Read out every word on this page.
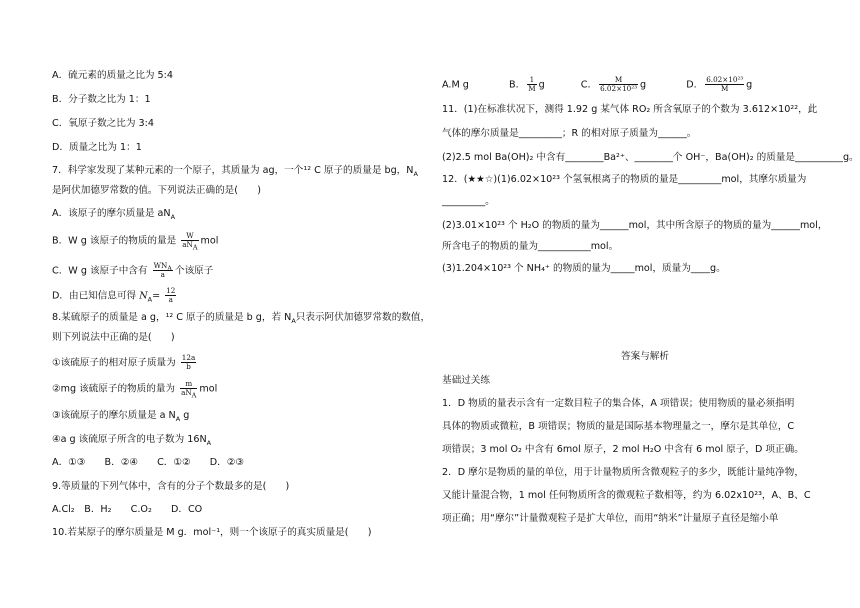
A．硫元素的质量之比为 5:4
B．分子数之比为 1：1
C．氧原子数之比为 3:4
D．质量之比为 1：1
7．科学家发现了某种元素的一个原子，其质量为 ag，一个¹² C 原子的质量是 bg，$N_A$
是阿伏加德罗常数的值。下列说法正确的是(　　)
A．该原子的摩尔质量是 $aN_A$
B．W g 该原子的物质的量是 $\frac{W}{aN_A}$ mol
C．W g 该原子中含有 $\frac{WN_A}{a}$ 个该原子
D．由已知信息可得 $N_A= \frac{12}{a}$
8.某硫原子的质量是 a g，¹² C 原子的质量是 b g，若 $N_A$只表示阿伏加德罗常数的数值，
则下列说法中正确的是(　　)
①该硫原子的相对原子质量为 $\frac{12a}{b}$
②mg 该硫原子的物质的量为 $\frac{m}{aN_A}$ mol
③该硫原子的摩尔质量是 a $N_A$ g
④a g 该硫原子所含的电子数为 $16N_A$
A．①③　　B．②④　　C．①②　　D．②③
9.等质量的下列气体中，含有的分子个数最多的是(　　)
A.Cl₂　B．H₂　　C.O₂　　D．CO
10.若某原子的摩尔质量是 M g．mol⁻¹，则一个该原子的真实质量是(　　)
A.M g	B． $\frac{1}{M}$ g	C． $\frac{M}{\text{6.02×10²³}}$ g	D． $\frac{\text{6.02×10²³}}{M}$ g
11．(1)在标准状况下，测得 1.92 g 某气体 RO₂ 所含氧原子的个数为 3.612×10²²，此
气体的摩尔质量是_________；R 的相对原子质量为______。
(2)2.5 mol Ba(OH)₂ 中含有________Ba²⁺、________个 OH⁻，Ba(OH)₂ 的质量是__________g。
12．(★★☆)(1)6.02×10²³ 个氢氧根离子的物质的量是_________mol，其摩尔质量为
_________。
(2)3.01×10²³ 个 H₂O 的物质的量为______mol，其中所含原子的物质的量为______mol，
所含电子的物质的量为___________mol。
(3)1.204×10²³ 个 NH₄⁺ 的物质的量为_____mol，质量为____g。
答案与解析
基础过关练
1．D 物质的量表示含有一定数目粒子的集合体，A 项错误；使用物质的量必须指明
具体的物质或微粒，B 项错误；物质的量是国际基本物理量之一，摩尔是其单位，C
项错误；3 mol O₂ 中含有 6mol 原子，2 mol H₂O 中含有 6 mol 原子，D 项正确。
2．D 摩尔是物质的量的单位，用于计量物质所含微观粒子的多少，既能计量纯净物，
又能计量混合物，1 mol 任何物质所含的微观粒子数相等，约为 6.02x10²³，A、B、C
项正确；用“摩尔”计量微观粒子是扩大单位，而用“纳米”计量原子直径是缩小单
